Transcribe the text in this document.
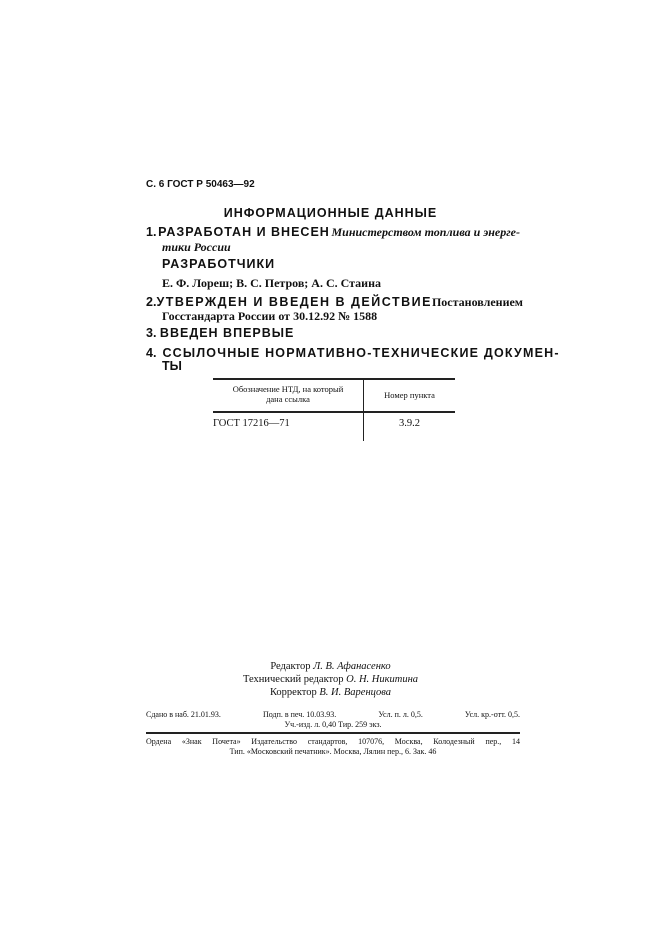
С. 6 ГОСТ Р 50463—92
ИНФОРМАЦИОННЫЕ ДАННЫЕ
1. РАЗРАБОТАН И ВНЕСЕН Министерством топлива и энерге-
тики России
РАЗРАБОТЧИКИ
Е. Ф. Лореш; В. С. Петров; А. С. Стаина
2. УТВЕРЖДЕН И ВВЕДЕН В ДЕЙСТВИЕ Постановлением
Госстандарта России от 30.12.92 № 1588
3. ВВЕДЕН ВПЕРВЫЕ
4. ССЫЛОЧНЫЕ НОРМАТИВНО-ТЕХНИЧЕСКИЕ ДОКУМЕН-
ТЫ
Обозначение НТД, на который
дана ссылка	Номер пункта
ГОСТ 17216—71	3.9.2
Редактор Л. В. Афанасенко
Технический редактор О. Н. Никитина
Корректор В. И. Варенцова
Сдано в наб. 21.01.93.	Подп. в печ. 10.03.93.	Усл. п. л. 0,5.	Усл. кр.-отт. 0,5.
Уч.-изд. л. 0,40 Тир. 259 экз.
Ордена «Знак Почета» Издательство стандартов, 107076, Москва, Колодезный пер., 14
Тип. «Московский печатник». Москва, Лялин пер., 6. Зак. 46
